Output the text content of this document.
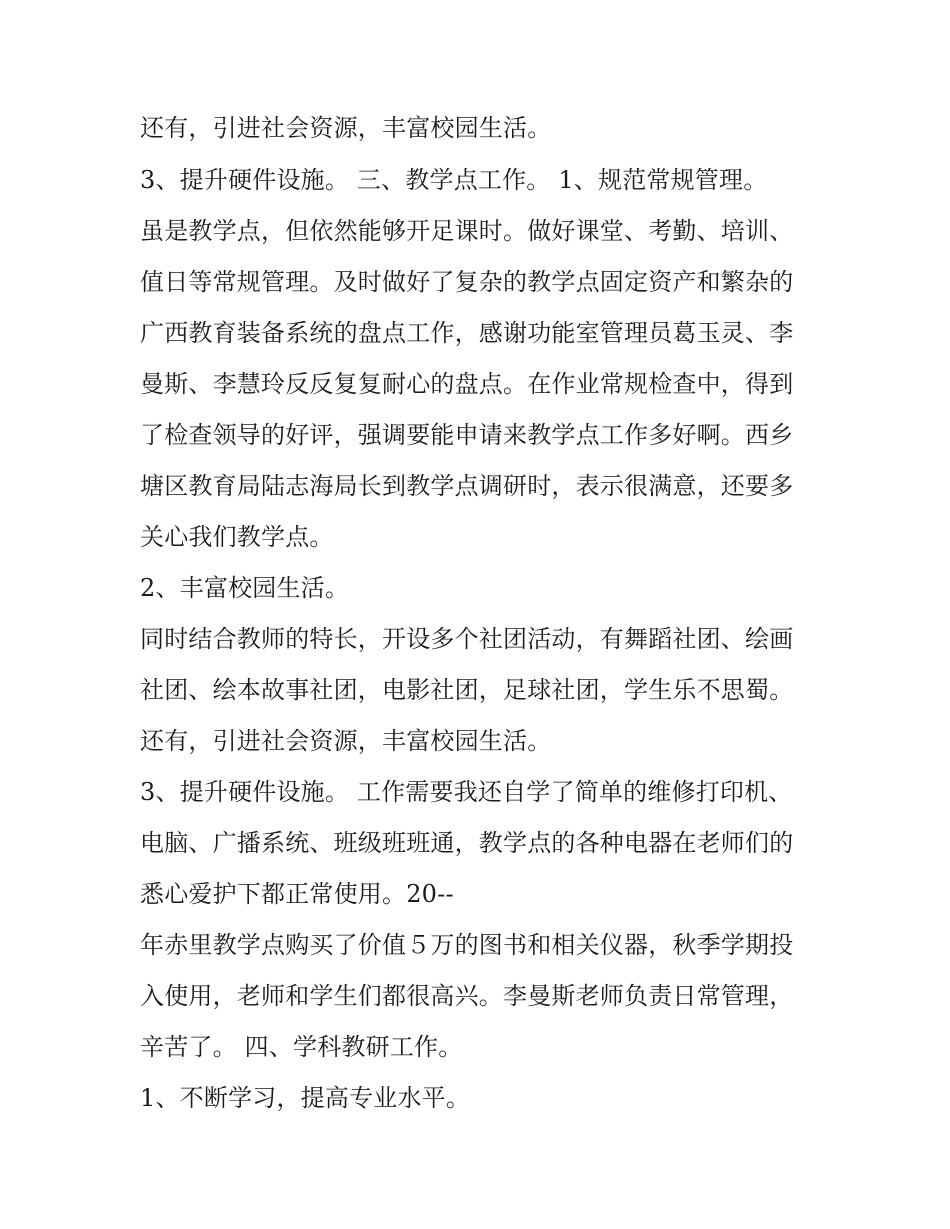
还有，引进社会资源，丰富校园生活。
3、提升硬件设施。 三、教学点工作。 1、规范常规管理。
虽是教学点，但依然能够开足课时。做好课堂、考勤、培训、
值日等常规管理。及时做好了复杂的教学点固定资产和繁杂的
广西教育装备系统的盘点工作，感谢功能室管理员葛玉灵、李
曼斯、李慧玲反反复复耐心的盘点。在作业常规检查中，得到
了检查领导的好评，强调要能申请来教学点工作多好啊。西乡
塘区教育局陆志海局长到教学点调研时，表示很满意，还要多
关心我们教学点。
2、丰富校园生活。
同时结合教师的特长，开设多个社团活动，有舞蹈社团、绘画
社团、绘本故事社团，电影社团，足球社团，学生乐不思蜀。
还有，引进社会资源，丰富校园生活。
3、提升硬件设施。 工作需要我还自学了简单的维修打印机、
电脑、广播系统、班级班班通，教学点的各种电器在老师们的
悉心爱护下都正常使用。20--
年赤里教学点购买了价值５万的图书和相关仪器，秋季学期投
入使用，老师和学生们都很高兴。李曼斯老师负责日常管理，
辛苦了。 四、学科教研工作。
1、不断学习，提高专业水平。
